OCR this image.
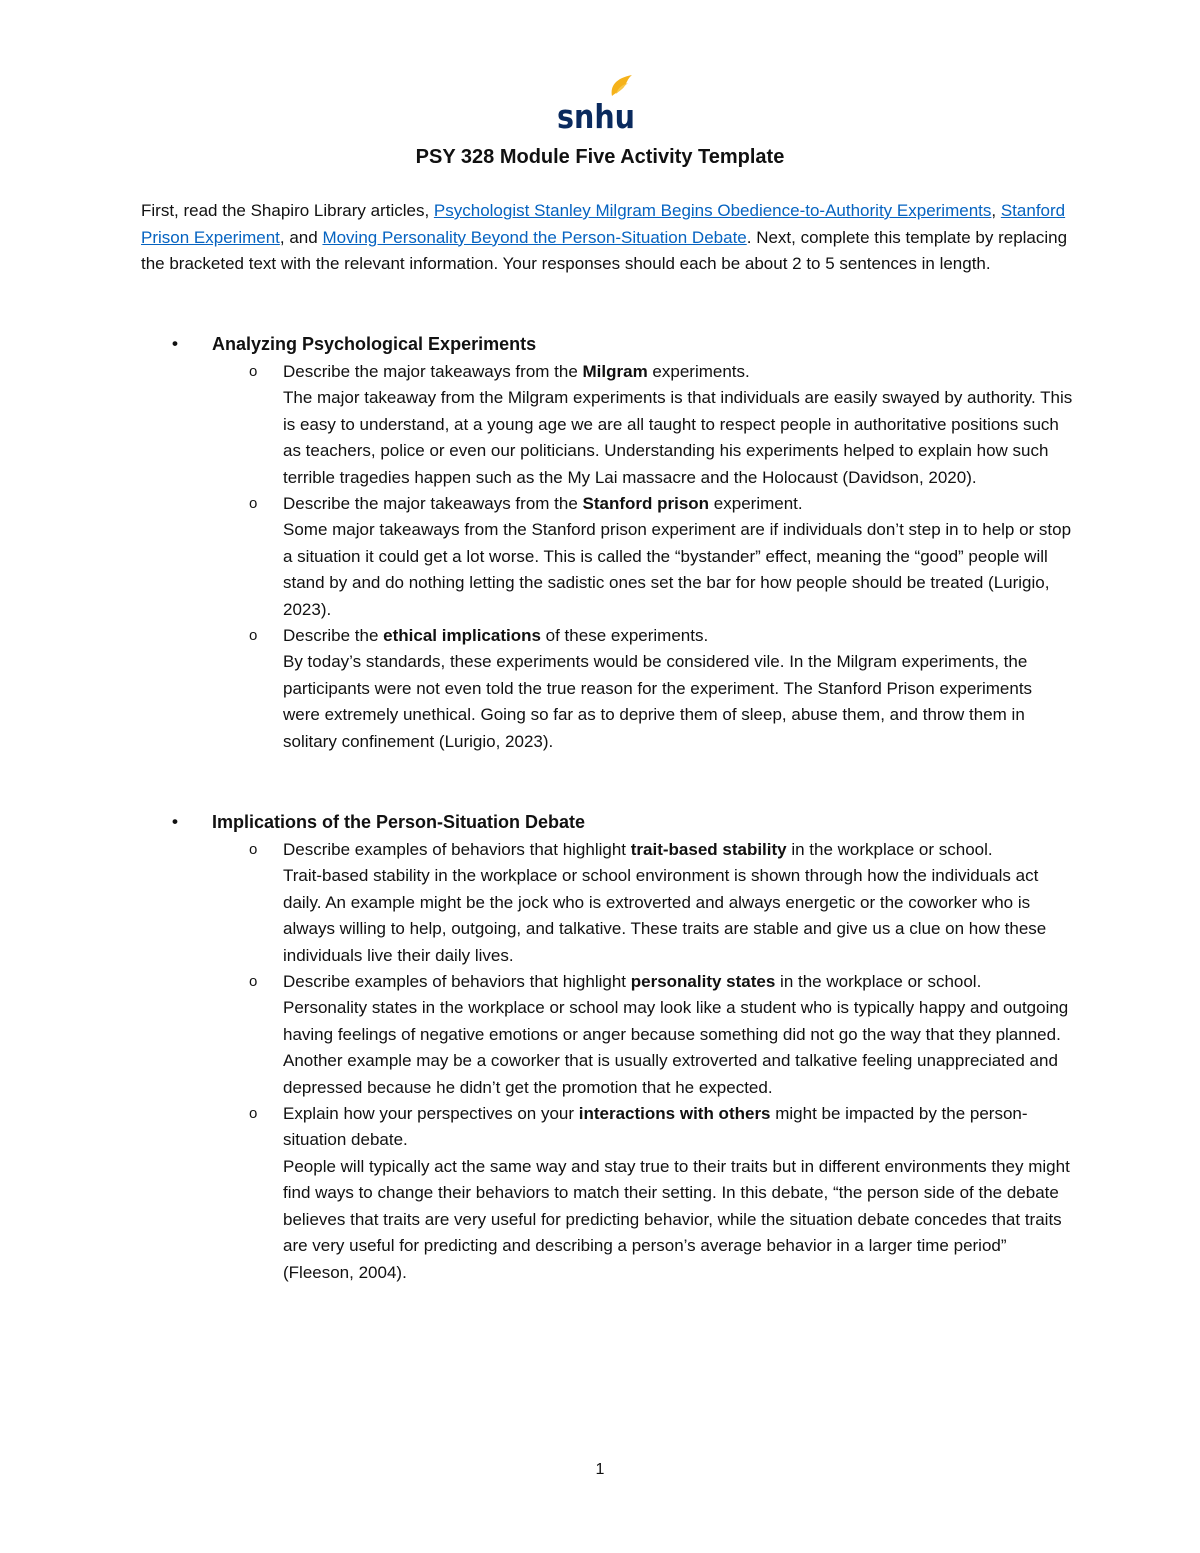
snhu
PSY 328 Module Five Activity Template
First, read the Shapiro Library articles, Psychologist Stanley Milgram Begins Obedience-to-Authority Experiments, Stanford Prison Experiment, and Moving Personality Beyond the Person-Situation Debate. Next, complete this template by replacing the bracketed text with the relevant information. Your responses should each be about 2 to 5 sentences in length.
• Analyzing Psychological Experiments
o Describe the major takeaways from the Milgram experiments.
The major takeaway from the Milgram experiments is that individuals are easily swayed by authority. This is easy to understand, at a young age we are all taught to respect people in authoritative positions such as teachers, police or even our politicians. Understanding his experiments helped to explain how such terrible tragedies happen such as the My Lai massacre and the Holocaust (Davidson, 2020).
o Describe the major takeaways from the Stanford prison experiment.
Some major takeaways from the Stanford prison experiment are if individuals don’t step in to help or stop a situation it could get a lot worse. This is called the “bystander” effect, meaning the “good” people will stand by and do nothing letting the sadistic ones set the bar for how people should be treated (Lurigio, 2023).
o Describe the ethical implications of these experiments.
By today’s standards, these experiments would be considered vile. In the Milgram experiments, the participants were not even told the true reason for the experiment. The Stanford Prison experiments were extremely unethical. Going so far as to deprive them of sleep, abuse them, and throw them in solitary confinement (Lurigio, 2023).
• Implications of the Person-Situation Debate
o Describe examples of behaviors that highlight trait-based stability in the workplace or school.
Trait-based stability in the workplace or school environment is shown through how the individuals act daily. An example might be the jock who is extroverted and always energetic or the coworker who is always willing to help, outgoing, and talkative. These traits are stable and give us a clue on how these individuals live their daily lives.
o Describe examples of behaviors that highlight personality states in the workplace or school.
Personality states in the workplace or school may look like a student who is typically happy and outgoing having feelings of negative emotions or anger because something did not go the way that they planned. Another example may be a coworker that is usually extroverted and talkative feeling unappreciated and depressed because he didn’t get the promotion that he expected.
o Explain how your perspectives on your interactions with others might be impacted by the person-situation debate.
People will typically act the same way and stay true to their traits but in different environments they might find ways to change their behaviors to match their setting. In this debate, “the person side of the debate believes that traits are very useful for predicting behavior, while the situation debate concedes that traits are very useful for predicting and describing a person’s average behavior in a larger time period” (Fleeson, 2004).
1
